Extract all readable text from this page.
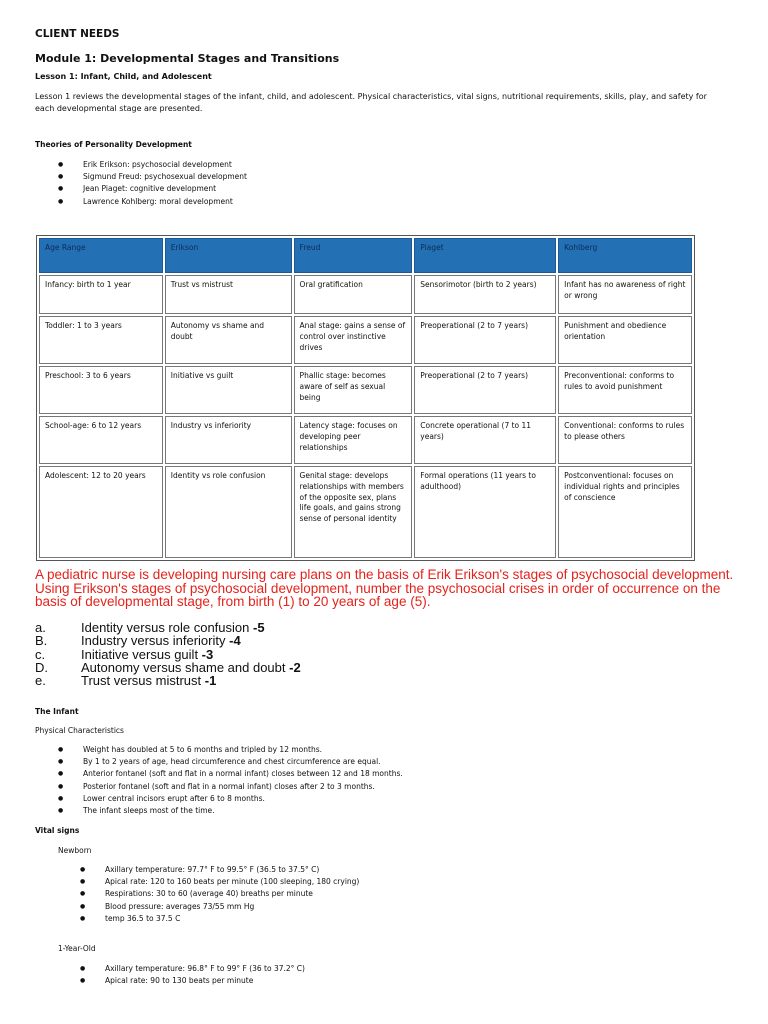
CLIENT NEEDS
Module 1: Developmental Stages and Transitions
Lesson 1: Infant, Child, and Adolescent
Lesson 1 reviews the developmental stages of the infant, child, and adolescent. Physical characteristics, vital signs, nutritional requirements, skills, play, and safety for each developmental stage are presented.
Theories of Personality Development
● Erik Erikson: psychosocial development
● Sigmund Freud: psychosexual development
● Jean Piaget: cognitive development
● Lawrence Kohlberg: moral development
Age Range	Erikson	Freud	Piaget	Kohlberg
Infancy: birth to 1 year	Trust vs mistrust	Oral gratification	Sensorimotor (birth to 2 years)	Infant has no awareness of right or wrong
Toddler: 1 to 3 years	Autonomy vs shame and doubt	Anal stage: gains a sense of control over instinctive drives	Preoperational (2 to 7 years)	Punishment and obedience orientation
Preschool: 3 to 6 years	Initiative vs guilt	Phallic stage: becomes aware of self as sexual being	Preoperational (2 to 7 years)	Preconventional: conforms to rules to avoid punishment
School-age: 6 to 12 years	Industry vs inferiority	Latency stage: focuses on developing peer relationships	Concrete operational (7 to 11 years)	Conventional: conforms to rules to please others
Adolescent: 12 to 20 years	Identity vs role confusion	Genital stage: develops relationships with members of the opposite sex, plans life goals, and gains strong sense of personal identity	Formal operations (11 years to adulthood)	Postconventional: focuses on individual rights and principles of conscience
A pediatric nurse is developing nursing care plans on the basis of Erik Erikson's stages of psychosocial development. Using Erikson's stages of psychosocial development, number the psychosocial crises in order of occurrence on the basis of developmental stage, from birth (1) to 20 years of age (5).
a.	Identity versus role confusion -5
B.	Industry versus inferiority -4
c.	Initiative versus guilt -3
D.	Autonomy versus shame and doubt -2
e.	Trust versus mistrust -1
The Infant
Physical Characteristics
● Weight has doubled at 5 to 6 months and tripled by 12 months.
● By 1 to 2 years of age, head circumference and chest circumference are equal.
● Anterior fontanel (soft and flat in a normal infant) closes between 12 and 18 months.
● Posterior fontanel (soft and flat in a normal infant) closes after 2 to 3 months.
● Lower central incisors erupt after 6 to 8 months.
● The infant sleeps most of the time.
Vital signs
Newborn
● Axillary temperature: 97.7° F to 99.5° F (36.5 to 37.5° C)
● Apical rate: 120 to 160 beats per minute (100 sleeping, 180 crying)
● Respirations: 30 to 60 (average 40) breaths per minute
● Blood pressure: averages 73/55 mm Hg
● temp 36.5 to 37.5 C
1-Year-Old
● Axillary temperature: 96.8° F to 99° F (36 to 37.2° C)
● Apical rate: 90 to 130 beats per minute
